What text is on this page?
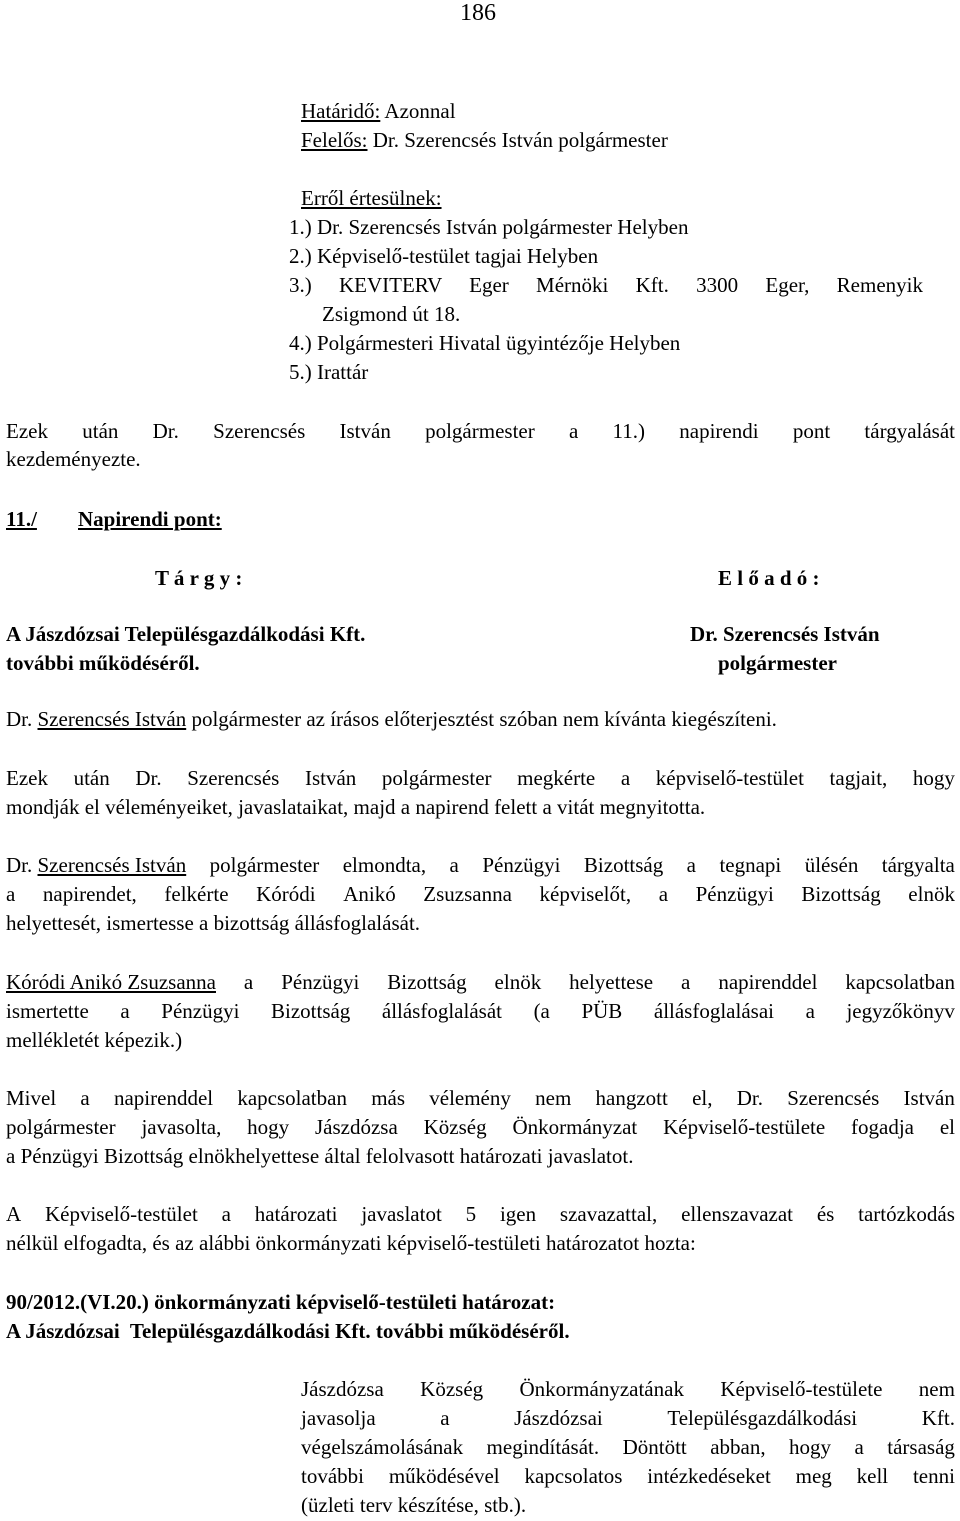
186
Határidő: Azonnal
Felelős: Dr. Szerencsés István polgármester
Erről értesülnek:
1.) Dr. Szerencsés István polgármester Helyben
2.) Képviselő-testület tagjai Helyben
3.) KEVITERV Eger Mérnöki Kft. 3300 Eger, Remenyik
Zsigmond út 18.
4.) Polgármesteri Hivatal ügyintézője Helyben
5.) Irattár
Ezek után Dr. Szerencsés István polgármester a 11.) napirendi pont tárgyalását
kezdeményezte.
11./ Napirendi pont:
T á r g y :	E l ő a d ó :
A Jászdózsai Településgazdálkodási Kft.
további működéséről.
Dr. Szerencsés István
polgármester
Dr. Szerencsés István polgármester az írásos előterjesztést szóban nem kívánta kiegészíteni.
Ezek után Dr. Szerencsés István polgármester megkérte a képviselő-testület tagjait, hogy
mondják el véleményeiket, javaslataikat, majd a napirend felett a vitát megnyitotta.
Dr. Szerencsés István polgármester elmondta, a Pénzügyi Bizottság a tegnapi ülésén tárgyalta
a napirendet, felkérte Kóródi Anikó Zsuzsanna képviselőt, a Pénzügyi Bizottság elnök
helyettesét, ismertesse a bizottság állásfoglalását.
Kóródi Anikó Zsuzsanna a Pénzügyi Bizottság elnök helyettese a napirenddel kapcsolatban
ismertette a Pénzügyi Bizottság állásfoglalását (a PÜB állásfoglalásai a jegyzőkönyv
mellékletét képezik.)
Mivel a napirenddel kapcsolatban más vélemény nem hangzott el, Dr. Szerencsés István
polgármester javasolta, hogy Jászdózsa Község Önkormányzat Képviselő-testülete fogadja el
a Pénzügyi Bizottság elnökhelyettese által felolvasott határozati javaslatot.
A Képviselő-testület a határozati javaslatot 5 igen szavazattal, ellenszavazat és tartózkodás
nélkül elfogadta, és az alábbi önkormányzati képviselő-testületi határozatot hozta:
90/2012.(VI.20.) önkormányzati képviselő-testületi határozat:
A Jászdózsai  Településgazdálkodási Kft. további működéséről.
Jászdózsa Község Önkormányzatának Képviselő-testülete nem
javasolja	a	Jászdózsai	Településgazdálkodási	Kft.
végelszámolásának megindítását. Döntött abban, hogy a társaság
további működésével kapcsolatos intézkedéseket meg kell tenni
(üzleti terv készítése, stb.).
